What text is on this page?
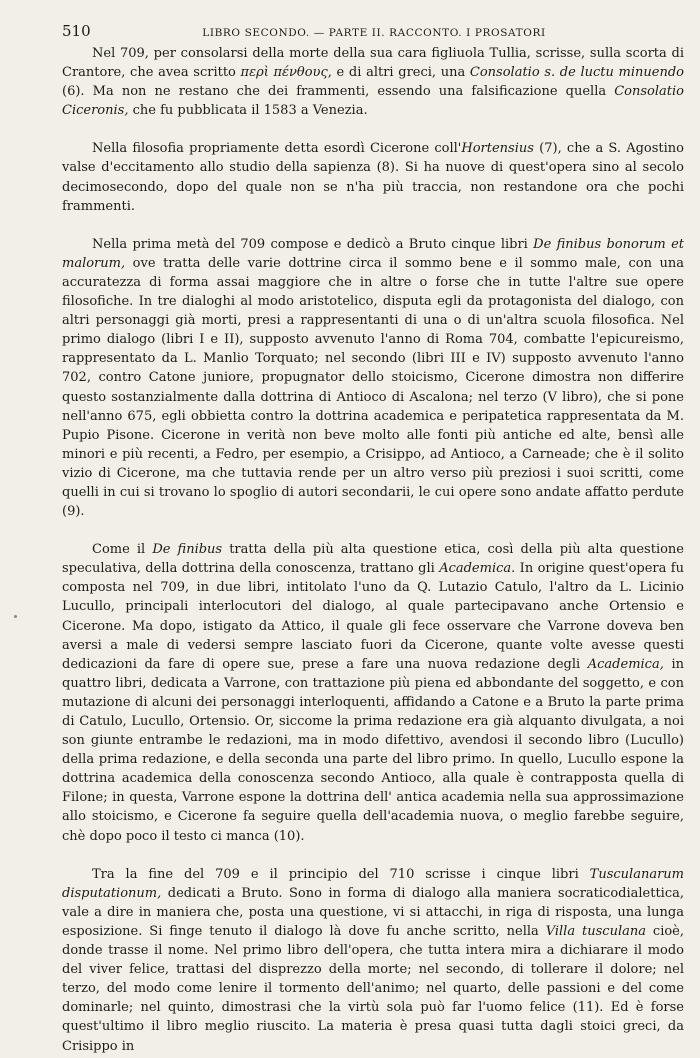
510	LIBRO SECONDO. — PARTE II. RACCONTO. I PROSATORI

Nel 709, per consolarsi della morte della sua cara figliuola Tullia, scrisse, sulla scorta di Crantore, che avea scritto περὶ πένθους, e di altri greci, una Consolatio s. de luctu minuendo (6). Ma non ne restano che dei frammenti, essendo una falsificazione quella Consolatio Ciceronis, che fu pubblicata il 1583 a Venezia.

Nella filosofia propriamente detta esordì Cicerone coll'Hortensius (7), che a S. Agostino valse d'eccitamento allo studio della sapienza (8). Si ha nuove di quest'opera sino al secolo decimosecondo, dopo del quale non se n'ha più traccia, non restandone ora che pochi frammenti.

Nella prima metà del 709 compose e dedicò a Bruto cinque libri De finibus bonorum et malorum, ove tratta delle varie dottrine circa il sommo bene e il sommo male, con una accuratezza di forma assai maggiore che in altre o forse che in tutte l'altre sue opere filosofiche. In tre dialoghi al modo aristotelico, disputa egli da protagonista del dialogo, con altri personaggi già morti, presi a rappresentanti di una o di un'altra scuola filosofica. Nel primo dialogo (libri I e II), supposto avvenuto l'anno di Roma 704, combatte l'epicureismo, rappresentato da L. Manlio Torquato; nel secondo (libri III e IV) supposto avvenuto l'anno 702, contro Catone juniore, propugnator dello stoicismo, Cicerone dimostra non differire questo sostanzialmente dalla dottrina di Antioco di Ascalona; nel terzo (V libro), che si pone nell'anno 675, egli obbietta contro la dottrina academica e peripatetica rappresentata da M. Pupio Pisone. Cicerone in verità non beve molto alle fonti più antiche ed alte, bensì alle minori e più recenti, a Fedro, per esempio, a Crisippo, ad Antioco, a Carneade; che è il solito vizio di Cicerone, ma che tuttavia rende per un altro verso più preziosi i suoi scritti, come quelli in cui si trovano lo spoglio di autori secondarii, le cui opere sono andate affatto perdute (9).

Come il De finibus tratta della più alta questione etica, così della più alta questione speculativa, della dottrina della conoscenza, trattano gli Academica. In origine quest'opera fu composta nel 709, in due libri, intitolato l'uno da Q. Lutazio Catulo, l'altro da L. Licinio Lucullo, principali interlocutori del dialogo, al quale partecipavano anche Ortensio e Cicerone. Ma dopo, istigato da Attico, il quale gli fece osservare che Varrone doveva ben aversi a male di vedersi sempre lasciato fuori da Cicerone, quante volte avesse questi dedicazioni da fare di opere sue, prese a fare una nuova redazione degli Academica, in quattro libri, dedicata a Varrone, con trattazione più piena ed abbondante del soggetto, e con mutazione di alcuni dei personaggi interloquenti, affidando a Catone e a Bruto la parte prima di Catulo, Lucullo, Ortensio. Or, siccome la prima redazione era già alquanto divulgata, a noi son giunte entrambe le redazioni, ma in modo difettivo, avendosi il secondo libro (Lucullo) della prima redazione, e della seconda una parte del libro primo. In quello, Lucullo espone la dottrina academica della conoscenza secondo Antioco, alla quale è contrapposta quella di Filone; in questa, Varrone espone la dottrina dell' antica academia nella sua approssimazione allo stoicismo, e Cicerone fa seguire quella dell'academia nuova, o meglio farebbe seguire, chè dopo poco il testo ci manca (10).

Tra la fine del 709 e il principio del 710 scrisse i cinque libri Tusculanarum disputationum, dedicati a Bruto. Sono in forma di dialogo alla maniera socraticodialettica, vale a dire in maniera che, posta una questione, vi si attacchi, in riga di risposta, una lunga esposizione. Si finge tenuto il dialogo là dove fu anche scritto, nella Villa tusculana cioè, donde trasse il nome. Nel primo libro dell'opera, che tutta intera mira a dichiarare il modo del viver felice, trattasi del disprezzo della morte; nel secondo, di tollerare il dolore; nel terzo, del modo come lenire il tormento dell'animo; nel quarto, delle passioni e del come dominarle; nel quinto, dimostrasi che la virtù sola può far l'uomo felice (11). Ed è forse quest'ultimo il libro meglio riuscito. La materia è presa quasi tutta dagli stoici greci, da Crisippo in
